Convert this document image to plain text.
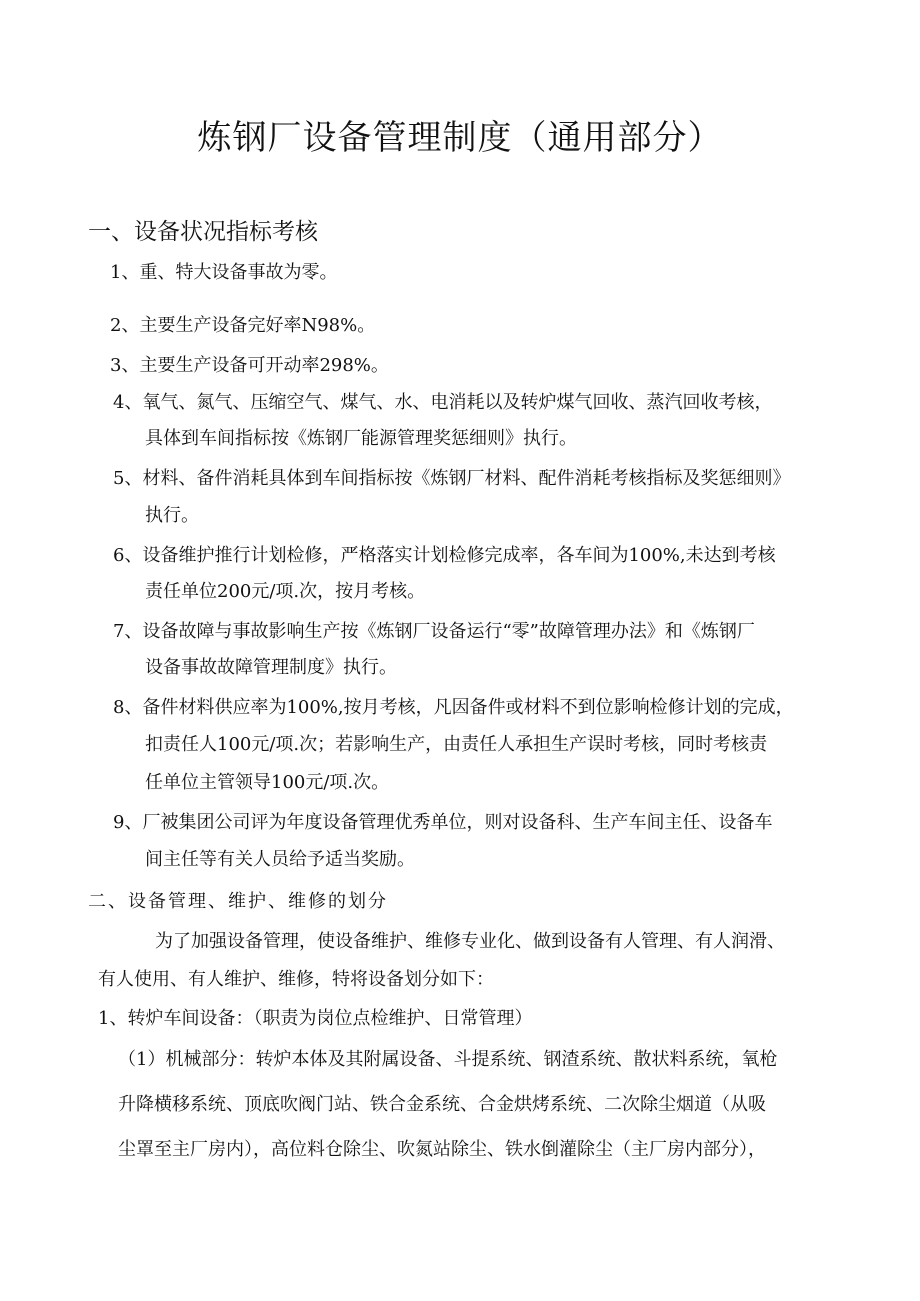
炼钢厂设备管理制度（通用部分）
一、设备状况指标考核
1、重、特大设备事故为零。
2、主要生产设备完好率N98%。
3、主要生产设备可开动率298%。
4、氧气、氮气、压缩空气、煤气、水、电消耗以及转炉煤气回收、蒸汽回收考核，
具体到车间指标按《炼钢厂能源管理奖惩细则》执行。
5、材料、备件消耗具体到车间指标按《炼钢厂材料、配件消耗考核指标及奖惩细则》
执行。
6、设备维护推行计划检修，严格落实计划检修完成率，各车间为100%,未达到考核
责任单位200元/项.次，按月考核。
7、设备故障与事故影响生产按《炼钢厂设备运行“零”故障管理办法》和《炼钢厂
设备事故故障管理制度》执行。
8、备件材料供应率为100%,按月考核，凡因备件或材料不到位影响检修计划的完成，
扣责任人100元/项.次；若影响生产，由责任人承担生产误时考核，同时考核责
任单位主管领导100元/项.次。
9、厂被集团公司评为年度设备管理优秀单位，则对设备科、生产车间主任、设备车
间主任等有关人员给予适当奖励。
二、设备管理、维护、维修的划分
为了加强设备管理，使设备维护、维修专业化、做到设备有人管理、有人润滑、
有人使用、有人维护、维修，特将设备划分如下：
1、转炉车间设备：（职责为岗位点检维护、日常管理）
（1）机械部分：转炉本体及其附属设备、斗提系统、钢渣系统、散状料系统，氧枪
升降横移系统、顶底吹阀门站、铁合金系统、合金烘烤系统、二次除尘烟道（从吸
尘罩至主厂房内），高位料仓除尘、吹氮站除尘、铁水倒灌除尘（主厂房内部分），
